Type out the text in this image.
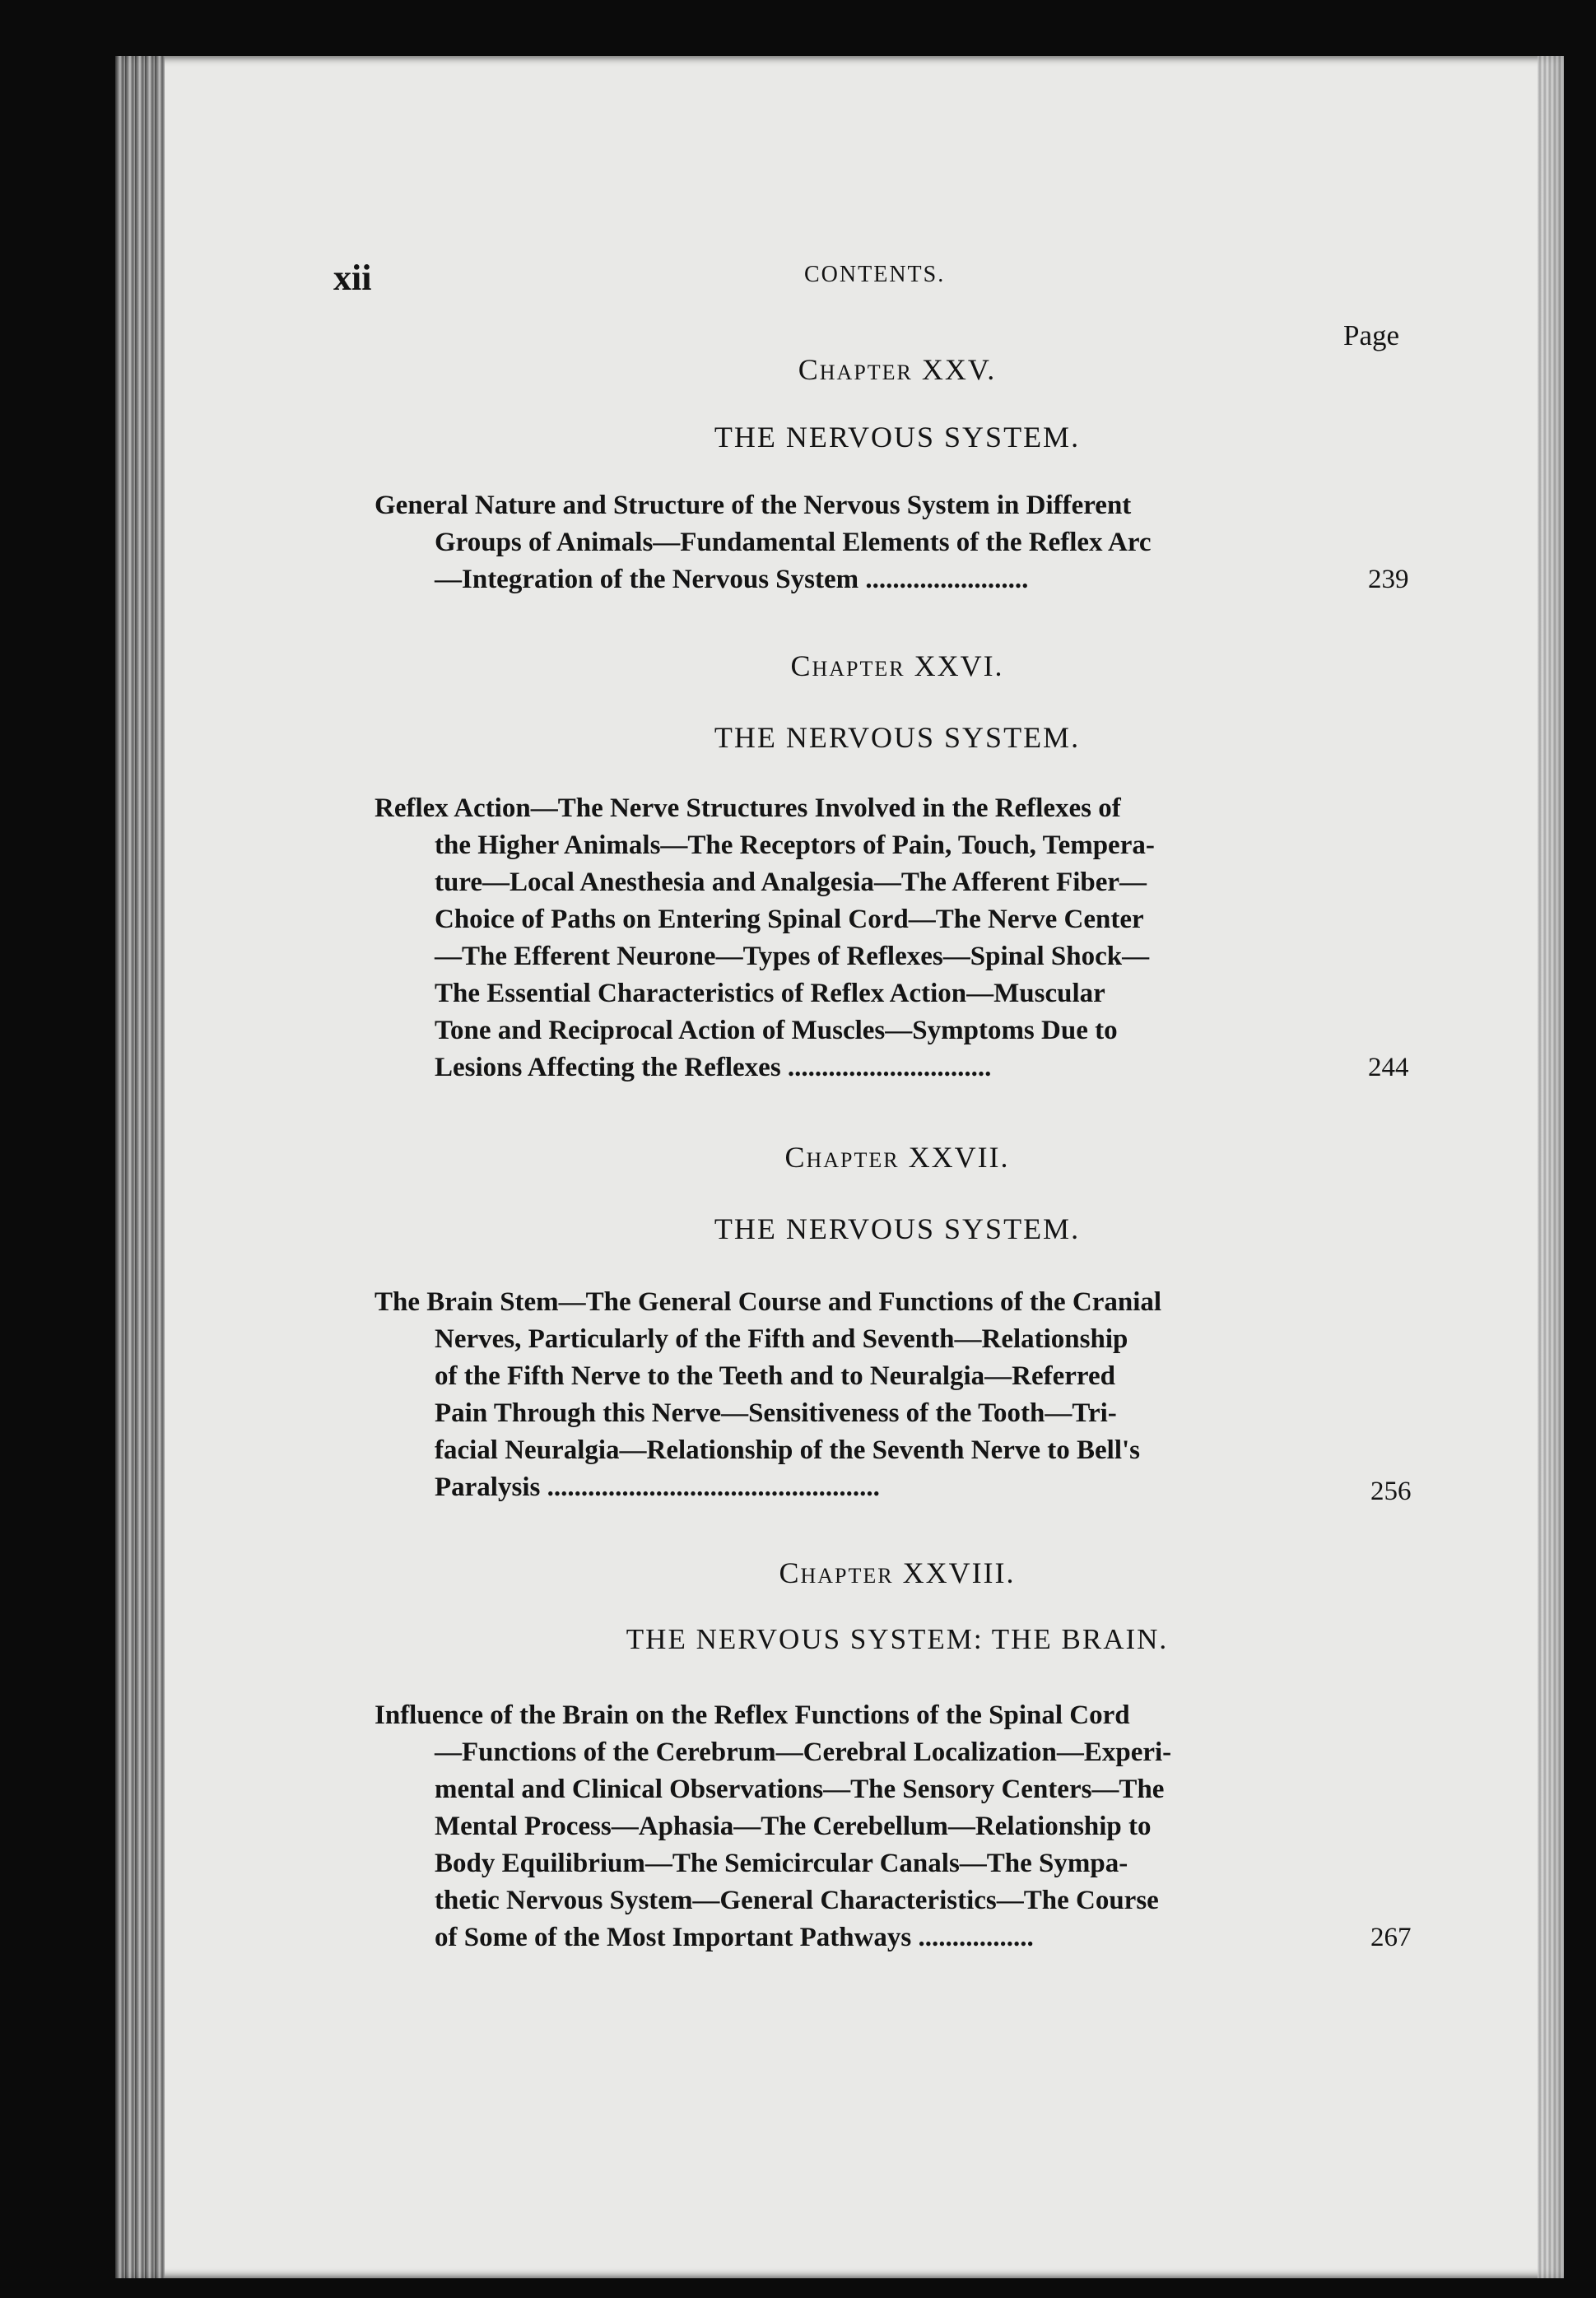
xii	CONTENTS.
Page
CHAPTER XXV.
THE NERVOUS SYSTEM.
General Nature and Structure of the Nervous System in Different
Groups of Animals—Fundamental Elements of the Reflex Arc
—Integration of the Nervous System ........................	239
CHAPTER XXVI.
THE NERVOUS SYSTEM.
Reflex Action—The Nerve Structures Involved in the Reflexes of
the Higher Animals—The Receptors of Pain, Touch, Tempera-
ture—Local Anesthesia and Analgesia—The Afferent Fiber—
Choice of Paths on Entering Spinal Cord—The Nerve Center
—The Efferent Neurone—Types of Reflexes—Spinal Shock—
The Essential Characteristics of Reflex Action—Muscular
Tone and Reciprocal Action of Muscles—Symptoms Due to
Lesions Affecting the Reflexes ..............................	244
CHAPTER XXVII.
THE NERVOUS SYSTEM.
The Brain Stem—The General Course and Functions of the Cranial
Nerves, Particularly of the Fifth and Seventh—Relationship
of the Fifth Nerve to the Teeth and to Neuralgia—Referred
Pain Through this Nerve—Sensitiveness of the Tooth—Tri-
facial Neuralgia—Relationship of the Seventh Nerve to Bell's
Paralysis .................................................	256
CHAPTER XXVIII.
THE NERVOUS SYSTEM: THE BRAIN.
Influence of the Brain on the Reflex Functions of the Spinal Cord
—Functions of the Cerebrum—Cerebral Localization—Experi-
mental and Clinical Observations—The Sensory Centers—The
Mental Process—Aphasia—The Cerebellum—Relationship to
Body Equilibrium—The Semicircular Canals—The Sympa-
thetic Nervous System—General Characteristics—The Course
of Some of the Most Important Pathways .................	267
